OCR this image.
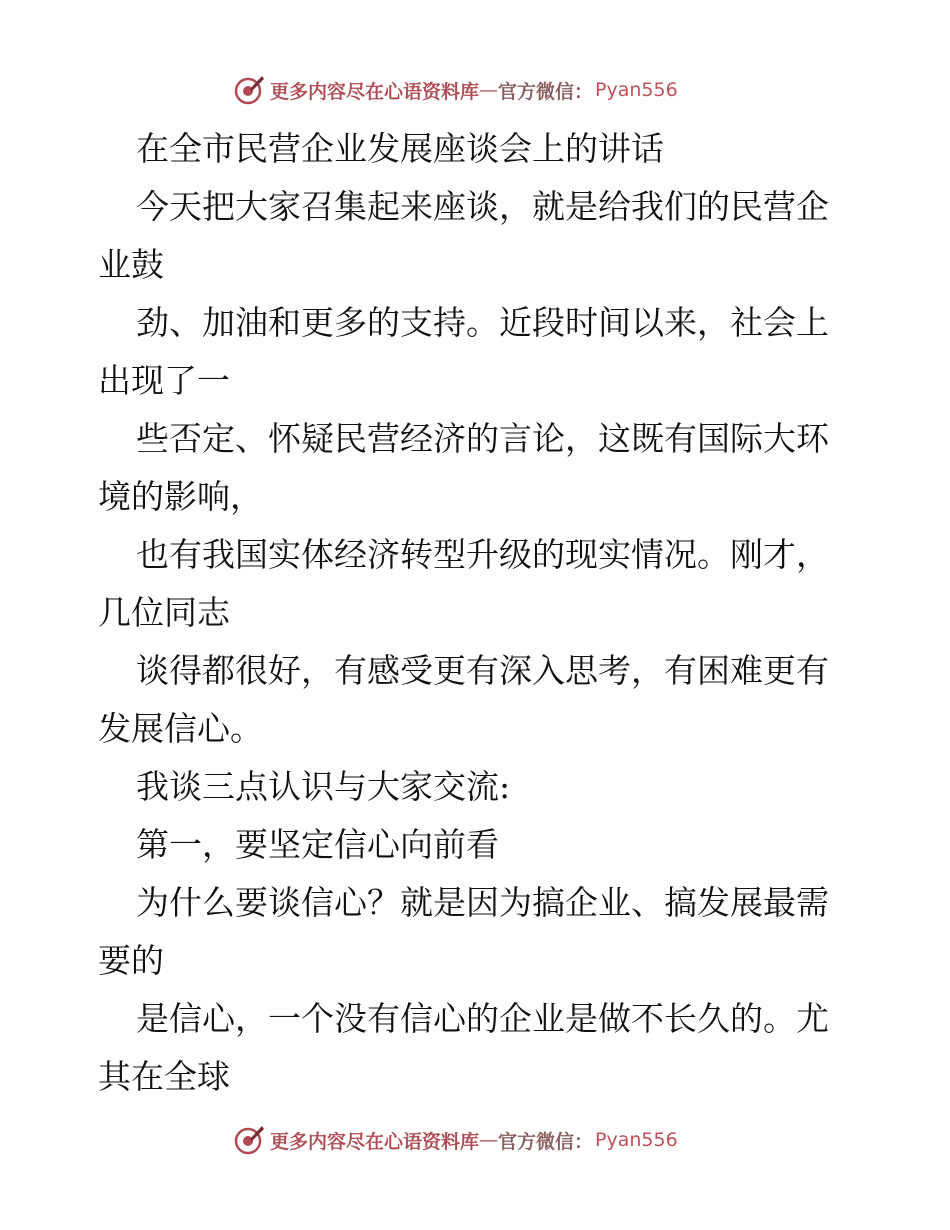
更多内容尽在心语资料库 — 官方微信： Pyan556
在全市民营企业发展座谈会上的讲话
今天把大家召集起来座谈，就是给我们的民营企
业鼓
劲、加油和更多的支持。近段时间以来，社会上
出现了一
些否定、怀疑民营经济的言论，这既有国际大环
境的影响，
也有我国实体经济转型升级的现实情况。刚才，
几位同志
谈得都很好，有感受更有深入思考，有困难更有
发展信心。
我谈三点认识与大家交流:
第一，要坚定信心向前看
为什么要谈信心？就是因为搞企业、搞发展最需
要的
是信心，一个没有信心的企业是做不长久的。尤
其在全球
更多内容尽在心语资料库 — 官方微信： Pyan556
